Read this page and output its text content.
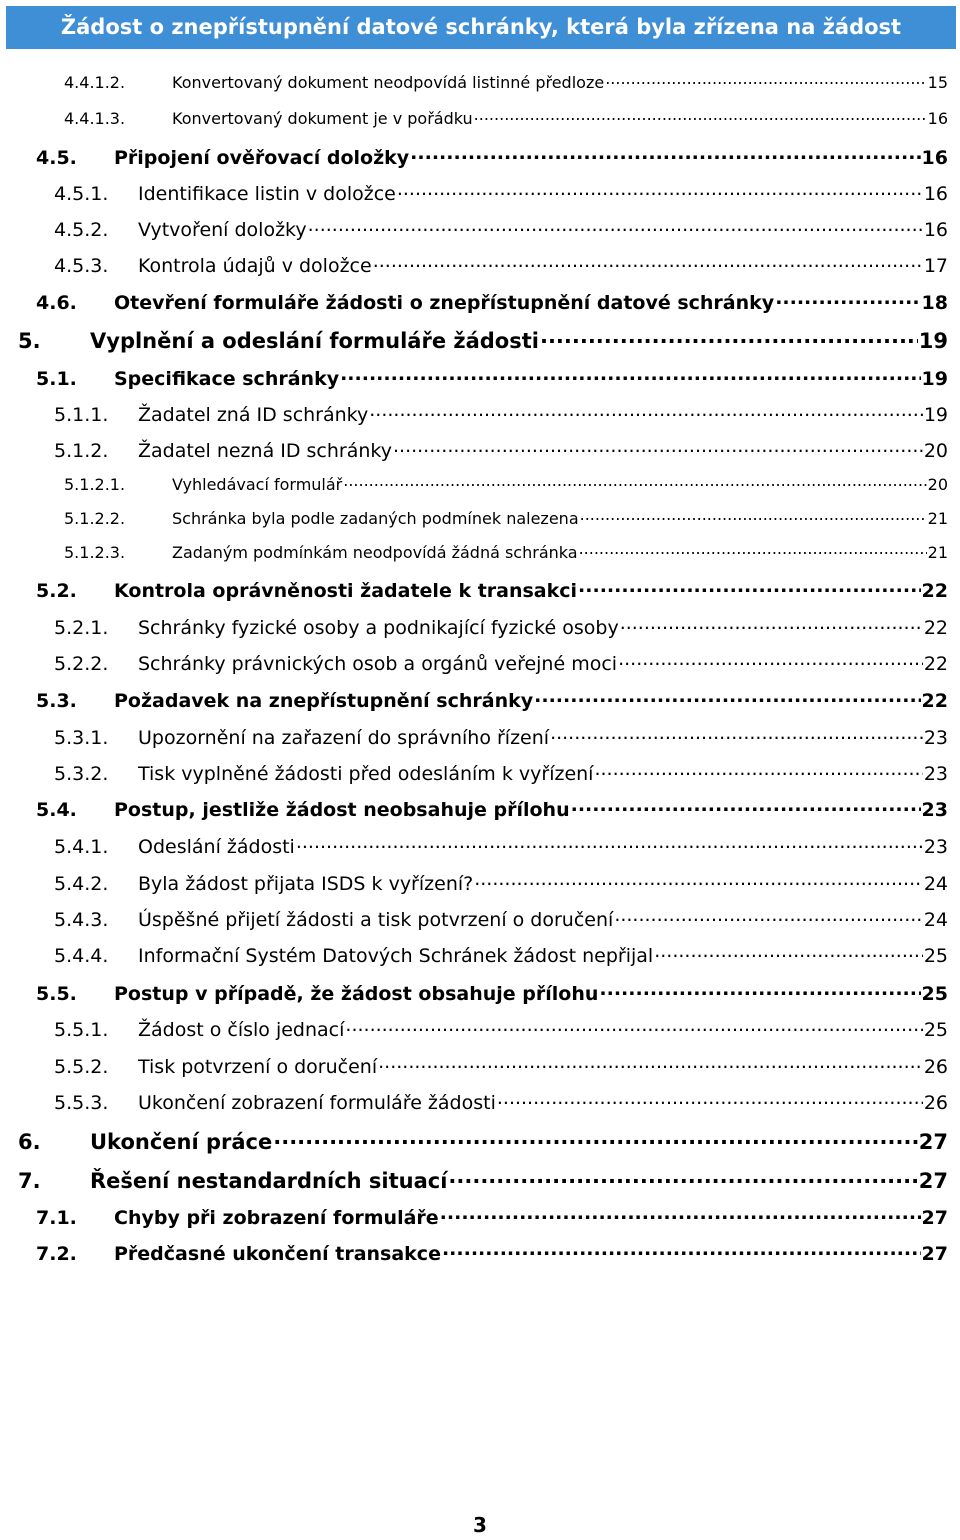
Žádost o znepřístupnění datové schránky, která byla zřízena na žádost
4.4.1.2.	Konvertovaný dokument neodpovídá listinné předloze .....	15
4.4.1.3.	Konvertovaný dokument je v pořádku .....	16
4.5.	Připojení ověřovací doložky .....	16
4.5.1.	Identifikace listin v doložce .....	16
4.5.2.	Vytvoření doložky .....	16
4.5.3.	Kontrola údajů v doložce .....	17
4.6.	Otevření formuláře žádosti o znepřístupnění datové schránky .....	18
5.	Vyplnění a odeslání formuláře žádosti .....	19
5.1.	Specifikace schránky .....	19
5.1.1.	Žadatel zná ID schránky .....	19
5.1.2.	Žadatel nezná ID schránky .....	20
5.1.2.1.	Vyhledávací formulář .....	20
5.1.2.2.	Schránka byla podle zadaných podmínek nalezena .....	21
5.1.2.3.	Zadaným podmínkám neodpovídá žádná schránka .....	21
5.2.	Kontrola oprávněnosti žadatele k transakci .....	22
5.2.1.	Schránky fyzické osoby a podnikající fyzické osoby .....	22
5.2.2.	Schránky právnických osob a orgánů veřejné moci .....	22
5.3.	Požadavek na znepřístupnění schránky .....	22
5.3.1.	Upozornění na zařazení do správního řízení .....	23
5.3.2.	Tisk vyplněné žádosti před odesláním k vyřízení .....	23
5.4.	Postup, jestliže žádost neobsahuje přílohu .....	23
5.4.1.	Odeslání žádosti .....	23
5.4.2.	Byla žádost přijata ISDS k vyřízení? .....	24
5.4.3.	Úspěšné přijetí žádosti a tisk potvrzení o doručení .....	24
5.4.4.	Informační Systém Datových Schránek žádost nepřijal .....	25
5.5.	Postup v případě, že žádost obsahuje přílohu .....	25
5.5.1.	Žádost o číslo jednací .....	25
5.5.2.	Tisk potvrzení o doručení .....	26
5.5.3.	Ukončení zobrazení formuláře žádosti .....	26
6.	Ukončení práce .....	27
7.	Řešení nestandardních situací .....	27
7.1.	Chyby při zobrazení formuláře .....	27
7.2.	Předčasné ukončení transakce .....	27
3
